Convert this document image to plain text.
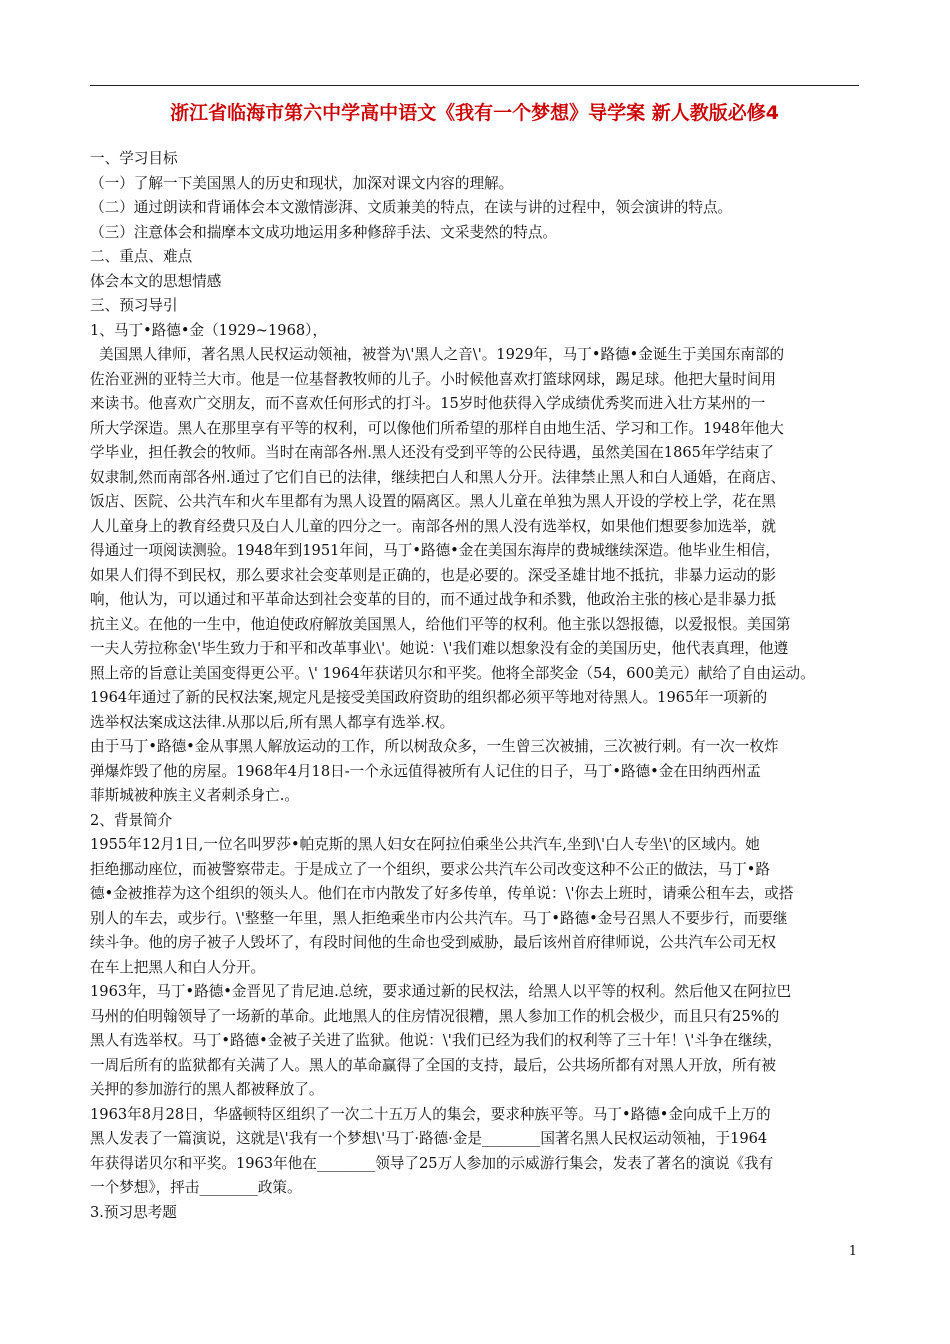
浙江省临海市第六中学高中语文《我有一个梦想》导学案 新人教版必修4
一、学习目标
（一）了解一下美国黑人的历史和现状，加深对课文内容的理解。
（二）通过朗读和背诵体会本文激情澎湃、文质兼美的特点，在读与讲的过程中，领会演讲的特点。
（三）注意体会和揣摩本文成功地运用多种修辞手法、文采斐然的特点。
二、重点、难点
体会本文的思想情感
三、预习导引
1、马丁•路德•金（1929~1968），
美国黑人律师，著名黑人民权运动领袖，被誉为\'黑人之音\'。1929年，马丁•路德•金诞生于美国东南部的
佐治亚洲的亚特兰大市。他是一位基督教牧师的儿子。小时候他喜欢打篮球网球，踢足球。他把大量时间用
来读书。他喜欢广交朋友，而不喜欢任何形式的打斗。15岁时他获得入学成绩优秀奖而进入壮方某州的一
所大学深造。黑人在那里享有平等的权利，可以像他们所希望的那样自由地生活、学习和工作。1948年他大
学毕业，担任教会的牧师。当时在南部各州.黑人还没有受到平等的公民待遇，虽然美国在1865年学结束了
奴隶制,然而南部各州.通过了它们自已的法律，继续把白人和黑人分开。法律禁止黑人和白人通婚，在商店、
饭店、医院、公共汽车和火车里都有为黑人设置的隔离区。黑人儿童在单独为黑人开设的学校上学，花在黑
人儿童身上的教育经费只及白人儿童的四分之一。南部各州的黑人没有选举权，如果他们想要参加选举，就
得通过一项阅读测验。1948年到1951年间，马丁•路德•金在美国东海岸的费城继续深造。他毕业生相信，
如果人们得不到民权，那么要求社会变革则是正确的，也是必要的。深受圣雄甘地不抵抗，非暴力运动的影
响，他认为，可以通过和平革命达到社会变革的目的，而不通过战争和杀戮，他政治主张的核心是非暴力抵
抗主义。在他的一生中，他迫使政府解放美国黑人，给他们平等的权利。他主张以怨报德，以爱报恨。美国第
一夫人劳拉称金\'毕生致力于和平和改革事业\'。她说：\'我们难以想象没有金的美国历史，他代表真理，他遵
照上帝的旨意让美国变得更公平。\' 1964年获诺贝尔和平奖。他将全部奖金（54，600美元）献给了自由运动。
1964年通过了新的民权法案,规定凡是接受美国政府资助的组织都必须平等地对待黑人。1965年一项新的
选举权法案成这法律.从那以后,所有黑人都享有选举.权。
由于马丁•路德•金从事黑人解放运动的工作，所以树敌众多，一生曾三次被捕，三次被行刺。有一次一枚炸
弹爆炸毁了他的房屋。1968年4月18日-一个永远值得被所有人记住的日子，马丁•路德•金在田纳西州孟
菲斯城被种族主义者刺杀身亡.。
2、背景简介
1955年12月1日,一位名叫罗莎•帕克斯的黑人妇女在阿拉伯乘坐公共汽车,坐到\'白人专坐\'的区域内。她
拒绝挪动座位，而被警察带走。于是成立了一个组织，要求公共汽车公司改变这种不公正的做法，马丁•路
德•金被推荐为这个组织的领头人。他们在市内散发了好多传单，传单说：\'你去上班时，请乘公租车去，或搭
别人的车去，或步行。\'整整一年里，黑人拒绝乘坐市内公共汽车。马丁•路德•金号召黑人不要步行，而要继
续斗争。他的房子被子人毁坏了，有段时间他的生命也受到威胁，最后该州首府律师说，公共汽车公司无权
在车上把黑人和白人分开。
1963年，马丁•路德•金晋见了肯尼迪.总统，要求通过新的民权法，给黑人以平等的权利。然后他又在阿拉巴
马州的伯明翰领导了一场新的革命。此地黑人的住房情况很糟，黑人参加工作的机会极少，而且只有25%的
黑人有选举权。马丁•路德•金被子关进了监狱。他说：\'我们已经为我们的权利等了三十年！\'斗争在继续，
一周后所有的监狱都有关满了人。黑人的革命赢得了全国的支持，最后，公共场所都有对黑人开放，所有被
关押的参加游行的黑人都被释放了。
1963年8月28日，华盛顿特区组织了一次二十五万人的集会，要求种族平等。马丁•路德•金向成千上万的
黑人发表了一篇演说，这就是\'我有一个梦想\'马丁·路德·金是________国著名黑人民权运动领袖，于1964
年获得诺贝尔和平奖。1963年他在________领导了25万人参加的示威游行集会，发表了著名的演说《我有
一个梦想》，抨击________政策。
3.预习思考题
1
